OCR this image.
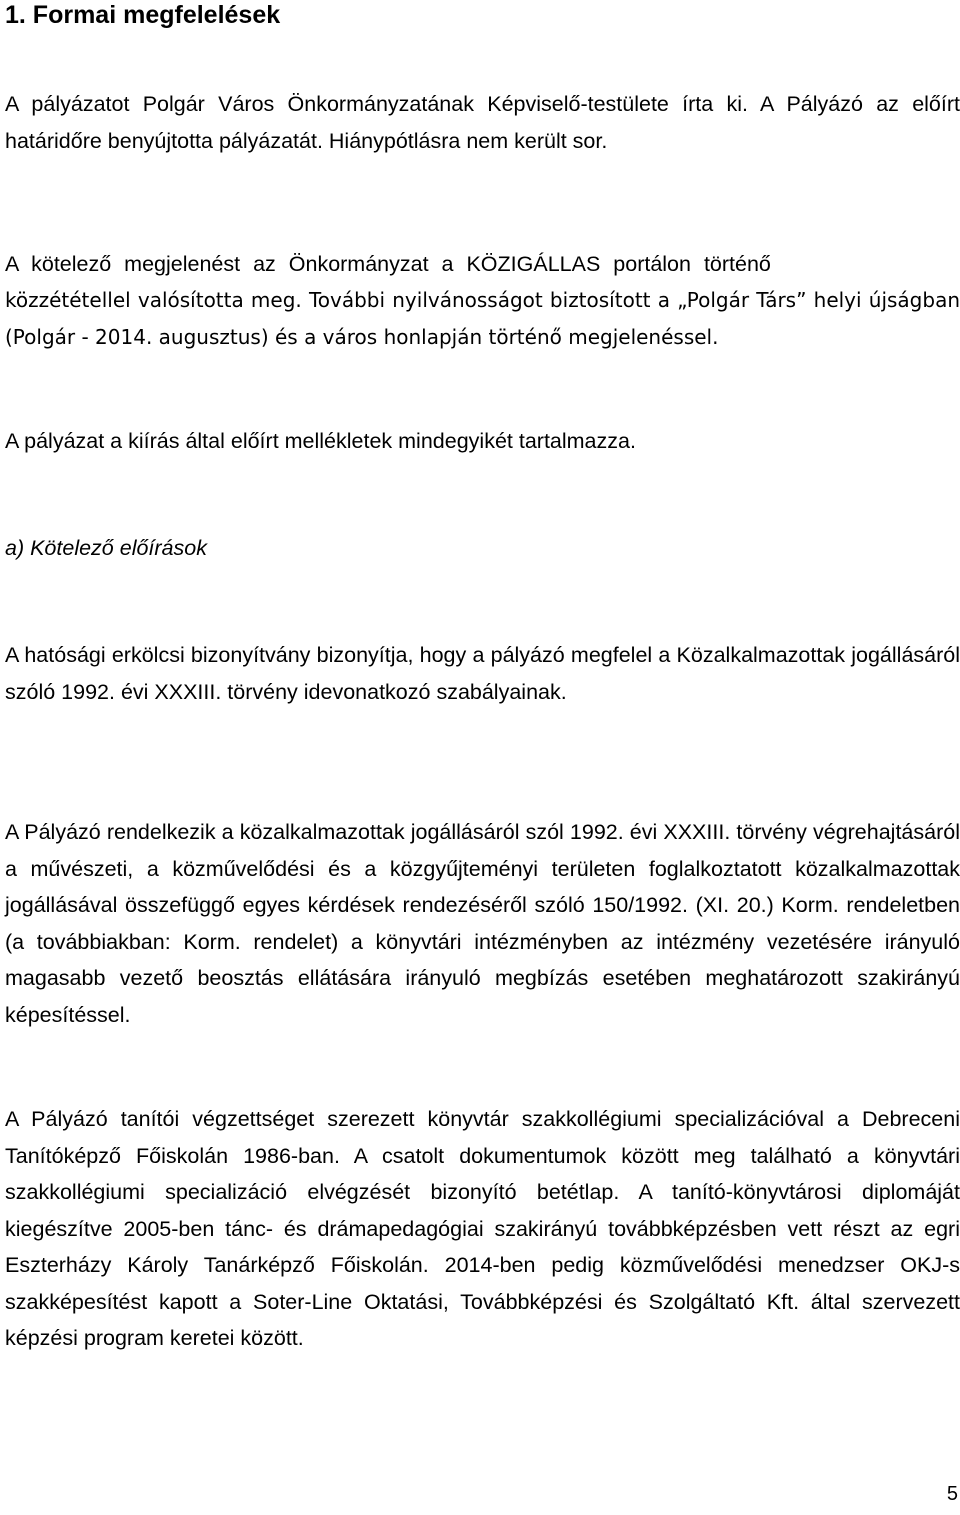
1. Formai megfelelések

A pályázatot Polgár Város Önkormányzatának Képviselő-testülete írta ki. A Pályázó az előírt határidőre benyújtotta pályázatát. Hiánypótlásra nem került sor.

A kötelező megjelenést az Önkormányzat a KÖZIGÁLLAS portálon történő

közzététellel valósította meg. További nyilvánosságot biztosított a „Polgár Társ” helyi újságban (Polgár - 2014. augusztus) és a város honlapján történő megjelenéssel.

A pályázat a kiírás által előírt mellékletek mindegyikét tartalmazza.

a) Kötelező előírások

A hatósági erkölcsi bizonyítvány bizonyítja, hogy a pályázó megfelel a Közalkalmazottak jogállásáról szóló 1992. évi XXXIII. törvény idevonatkozó szabályainak.

A Pályázó rendelkezik a közalkalmazottak jogállásáról szól 1992. évi XXXIII. törvény végrehajtásáról a művészeti, a közművelődési és a közgyűjteményi területen foglalkoztatott közalkalmazottak jogállásával összefüggő egyes kérdések rendezéséről szóló 150/1992. (XI. 20.) Korm. rendeletben (a továbbiakban: Korm. rendelet) a könyvtári intézményben az intézmény vezetésére irányuló magasabb vezető beosztás ellátására irányuló megbízás esetében meghatározott szakirányú képesítéssel.

A Pályázó tanítói végzettséget szerezett könyvtár szakkollégiumi specializációval a Debreceni Tanítóképző Főiskolán 1986-ban. A csatolt dokumentumok között meg található a könyvtári szakkollégiumi specializáció elvégzését bizonyító betétlap. A tanító-könyvtárosi diplomáját kiegészítve 2005-ben tánc- és drámapedagógiai szakirányú továbbképzésben vett részt az egri Eszterházy Károly Tanárképző Főiskolán. 2014-ben pedig közművelődési menedzser OKJ-s szakképesítést kapott a Soter-Line Oktatási, Továbbképzési és Szolgáltató Kft. által szervezett képzési program keretei között.

5
